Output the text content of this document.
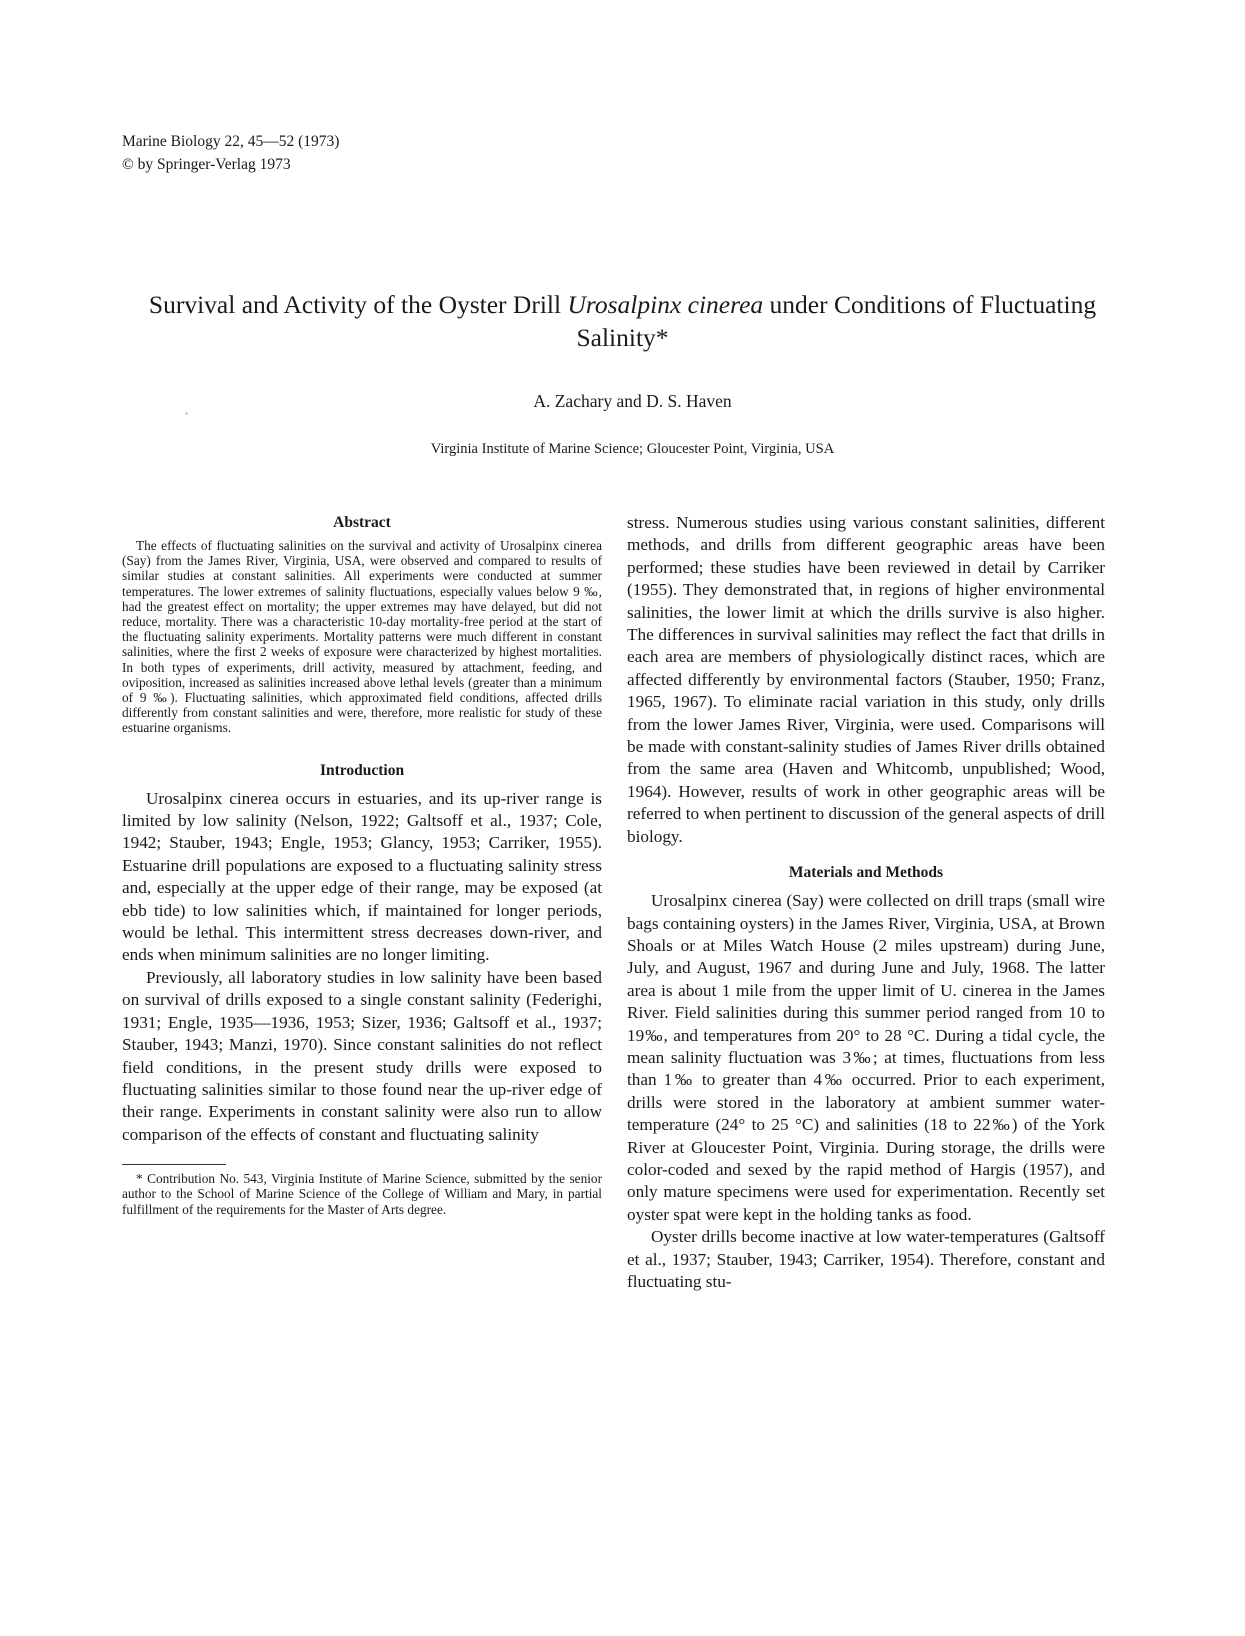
Marine Biology 22, 45—52 (1973)
© by Springer-Verlag 1973
Survival and Activity of the Oyster Drill Urosalpinx cinerea under Conditions of Fluctuating Salinity*
A. Zachary and D. S. Haven
Virginia Institute of Marine Science; Gloucester Point, Virginia, USA
Abstract

The effects of fluctuating salinities on the survival and activity of Urosalpinx cinerea (Say) from the James River, Virginia, USA, were observed and compared to results of similar studies at constant salinities. All experiments were conducted at summer temperatures. The lower extremes of salinity fluctuations, especially values below 9 ‰, had the greatest effect on mortality; the upper extremes may have delayed, but did not reduce, mortality. There was a characteristic 10-day mortality-free period at the start of the fluctuating salinity experiments. Mortality patterns were much different in constant salinities, where the first 2 weeks of exposure were characterized by highest mortalities. In both types of experiments, drill activity, measured by attachment, feeding, and oviposition, increased as salinities increased above lethal levels (greater than a minimum of 9 ‰). Fluctuating salinities, which approximated field conditions, affected drills differently from constant salinities and were, therefore, more realistic for study of these estuarine organisms.

Introduction

Urosalpinx cinerea occurs in estuaries, and its up-river range is limited by low salinity (Nelson, 1922; Galtsoff et al., 1937; Cole, 1942; Stauber, 1943; Engle, 1953; Glancy, 1953; Carriker, 1955). Estuarine drill populations are exposed to a fluctuating salinity stress and, especially at the upper edge of their range, may be exposed (at ebb tide) to low salinities which, if maintained for longer periods, would be lethal. This intermittent stress decreases down-river, and ends when minimum salinities are no longer limiting.

Previously, all laboratory studies in low salinity have been based on survival of drills exposed to a single constant salinity (Federighi, 1931; Engle, 1935—1936, 1953; Sizer, 1936; Galtsoff et al., 1937; Stauber, 1943; Manzi, 1970). Since constant salinities do not reflect field conditions, in the present study drills were exposed to fluctuating salinities similar to those found near the up-river edge of their range. Experiments in constant salinity were also run to allow comparison of the effects of constant and fluctuating salinity

* Contribution No. 543, Virginia Institute of Marine Science, submitted by the senior author to the School of Marine Science of the College of William and Mary, in partial fulfillment of the requirements for the Master of Arts degree.

stress. Numerous studies using various constant salinities, different methods, and drills from different geographic areas have been performed; these studies have been reviewed in detail by Carriker (1955). They demonstrated that, in regions of higher environmental salinities, the lower limit at which the drills survive is also higher. The differences in survival salinities may reflect the fact that drills in each area are members of physiologically distinct races, which are affected differently by environmental factors (Stauber, 1950; Franz, 1965, 1967). To eliminate racial variation in this study, only drills from the lower James River, Virginia, were used. Comparisons will be made with constant-salinity studies of James River drills obtained from the same area (Haven and Whitcomb, unpublished; Wood, 1964). However, results of work in other geographic areas will be referred to when pertinent to discussion of the general aspects of drill biology.

Materials and Methods

Urosalpinx cinerea (Say) were collected on drill traps (small wire bags containing oysters) in the James River, Virginia, USA, at Brown Shoals or at Miles Watch House (2 miles upstream) during June, July, and August, 1967 and during June and July, 1968. The latter area is about 1 mile from the upper limit of U. cinerea in the James River. Field salinities during this summer period ranged from 10 to 19‰, and temperatures from 20° to 28 °C. During a tidal cycle, the mean salinity fluctuation was 3‰; at times, fluctuations from less than 1‰ to greater than 4‰ occurred. Prior to each experiment, drills were stored in the laboratory at ambient summer water-temperature (24° to 25 °C) and salinities (18 to 22‰) of the York River at Gloucester Point, Virginia. During storage, the drills were color-coded and sexed by the rapid method of Hargis (1957), and only mature specimens were used for experimentation. Recently set oyster spat were kept in the holding tanks as food.

Oyster drills become inactive at low water-temperatures (Galtsoff et al., 1937; Stauber, 1943; Carriker, 1954). Therefore, constant and fluctuating stu-
